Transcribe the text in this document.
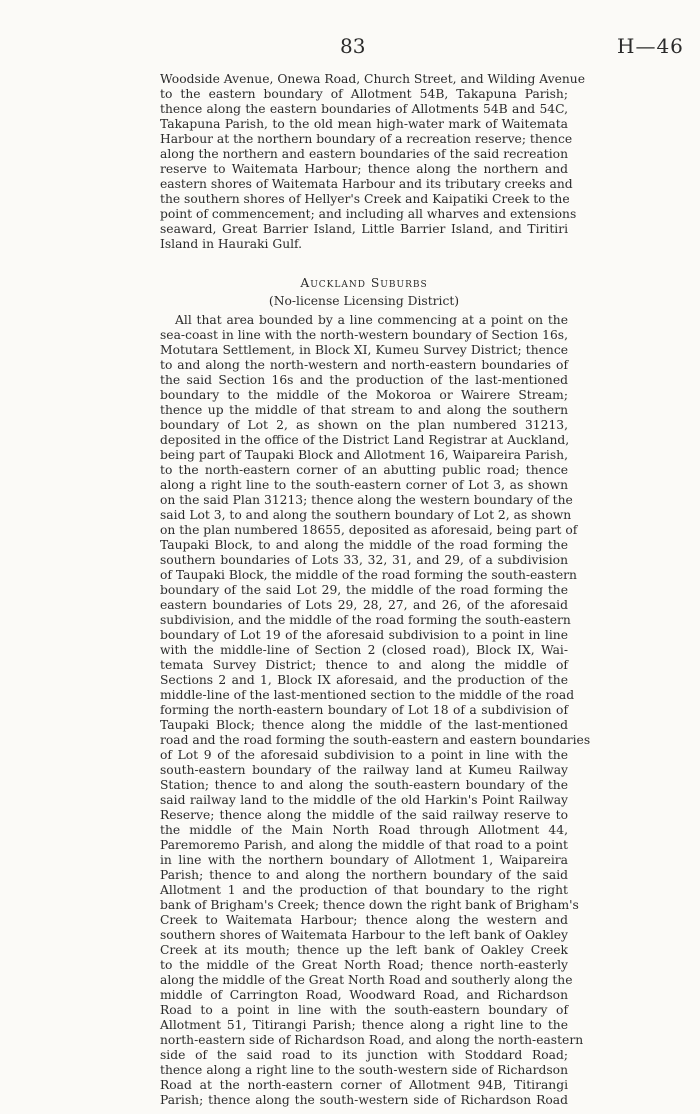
83	H—46
Woodside Avenue, Onewa Road, Church Street, and Wilding Avenue
to the eastern boundary of Allotment 54B, Takapuna Parish;
thence along the eastern boundaries of Allotments 54B and 54C,
Takapuna Parish, to the old mean high-water mark of Waitemata
Harbour at the northern boundary of a recreation reserve; thence
along the northern and eastern boundaries of the said recreation
reserve to Waitemata Harbour; thence along the northern and
eastern shores of Waitemata Harbour and its tributary creeks and
the southern shores of Hellyer's Creek and Kaipatiki Creek to the
point of commencement; and including all wharves and extensions
seaward, Great Barrier Island, Little Barrier Island, and Tiritiri
Island in Hauraki Gulf.
Auckland Suburbs
(No-license Licensing District)
All that area bounded by a line commencing at a point on the
sea-coast in line with the north-western boundary of Section 16s,
Motutara Settlement, in Block XI, Kumeu Survey District; thence
to and along the north-western and north-eastern boundaries of
the said Section 16s and the production of the last-mentioned
boundary to the middle of the Mokoroa or Wairere Stream;
thence up the middle of that stream to and along the southern
boundary of Lot 2, as shown on the plan numbered 31213,
deposited in the office of the District Land Registrar at Auckland,
being part of Taupaki Block and Allotment 16, Waipareira Parish,
to the north-eastern corner of an abutting public road; thence
along a right line to the south-eastern corner of Lot 3, as shown
on the said Plan 31213; thence along the western boundary of the
said Lot 3, to and along the southern boundary of Lot 2, as shown
on the plan numbered 18655, deposited as aforesaid, being part of
Taupaki Block, to and along the middle of the road forming the
southern boundaries of Lots 33, 32, 31, and 29, of a subdivision
of Taupaki Block, the middle of the road forming the south-eastern
boundary of the said Lot 29, the middle of the road forming the
eastern boundaries of Lots 29, 28, 27, and 26, of the aforesaid
subdivision, and the middle of the road forming the south-eastern
boundary of Lot 19 of the aforesaid subdivision to a point in line
with the middle-line of Section 2 (closed road), Block IX, Wai-
temata Survey District; thence to and along the middle of
Sections 2 and 1, Block IX aforesaid, and the production of the
middle-line of the last-mentioned section to the middle of the road
forming the north-eastern boundary of Lot 18 of a subdivision of
Taupaki Block; thence along the middle of the last-mentioned
road and the road forming the south-eastern and eastern boundaries
of Lot 9 of the aforesaid subdivision to a point in line with the
south-eastern boundary of the railway land at Kumeu Railway
Station; thence to and along the south-eastern boundary of the
said railway land to the middle of the old Harkin's Point Railway
Reserve; thence along the middle of the said railway reserve to
the middle of the Main North Road through Allotment 44,
Paremoremo Parish, and along the middle of that road to a point
in line with the northern boundary of Allotment 1, Waipareira
Parish; thence to and along the northern boundary of the said
Allotment 1 and the production of that boundary to the right
bank of Brigham's Creek; thence down the right bank of Brigham's
Creek to Waitemata Harbour; thence along the western and
southern shores of Waitemata Harbour to the left bank of Oakley
Creek at its mouth; thence up the left bank of Oakley Creek
to the middle of the Great North Road; thence north-easterly
along the middle of the Great North Road and southerly along the
middle of Carrington Road, Woodward Road, and Richardson
Road to a point in line with the south-eastern boundary of
Allotment 51, Titirangi Parish; thence along a right line to the
north-eastern side of Richardson Road, and along the north-eastern
side of the said road to its junction with Stoddard Road;
thence along a right line to the south-western side of Richardson
Road at the north-eastern corner of Allotment 94B, Titirangi
Parish; thence along the south-western side of Richardson Road
